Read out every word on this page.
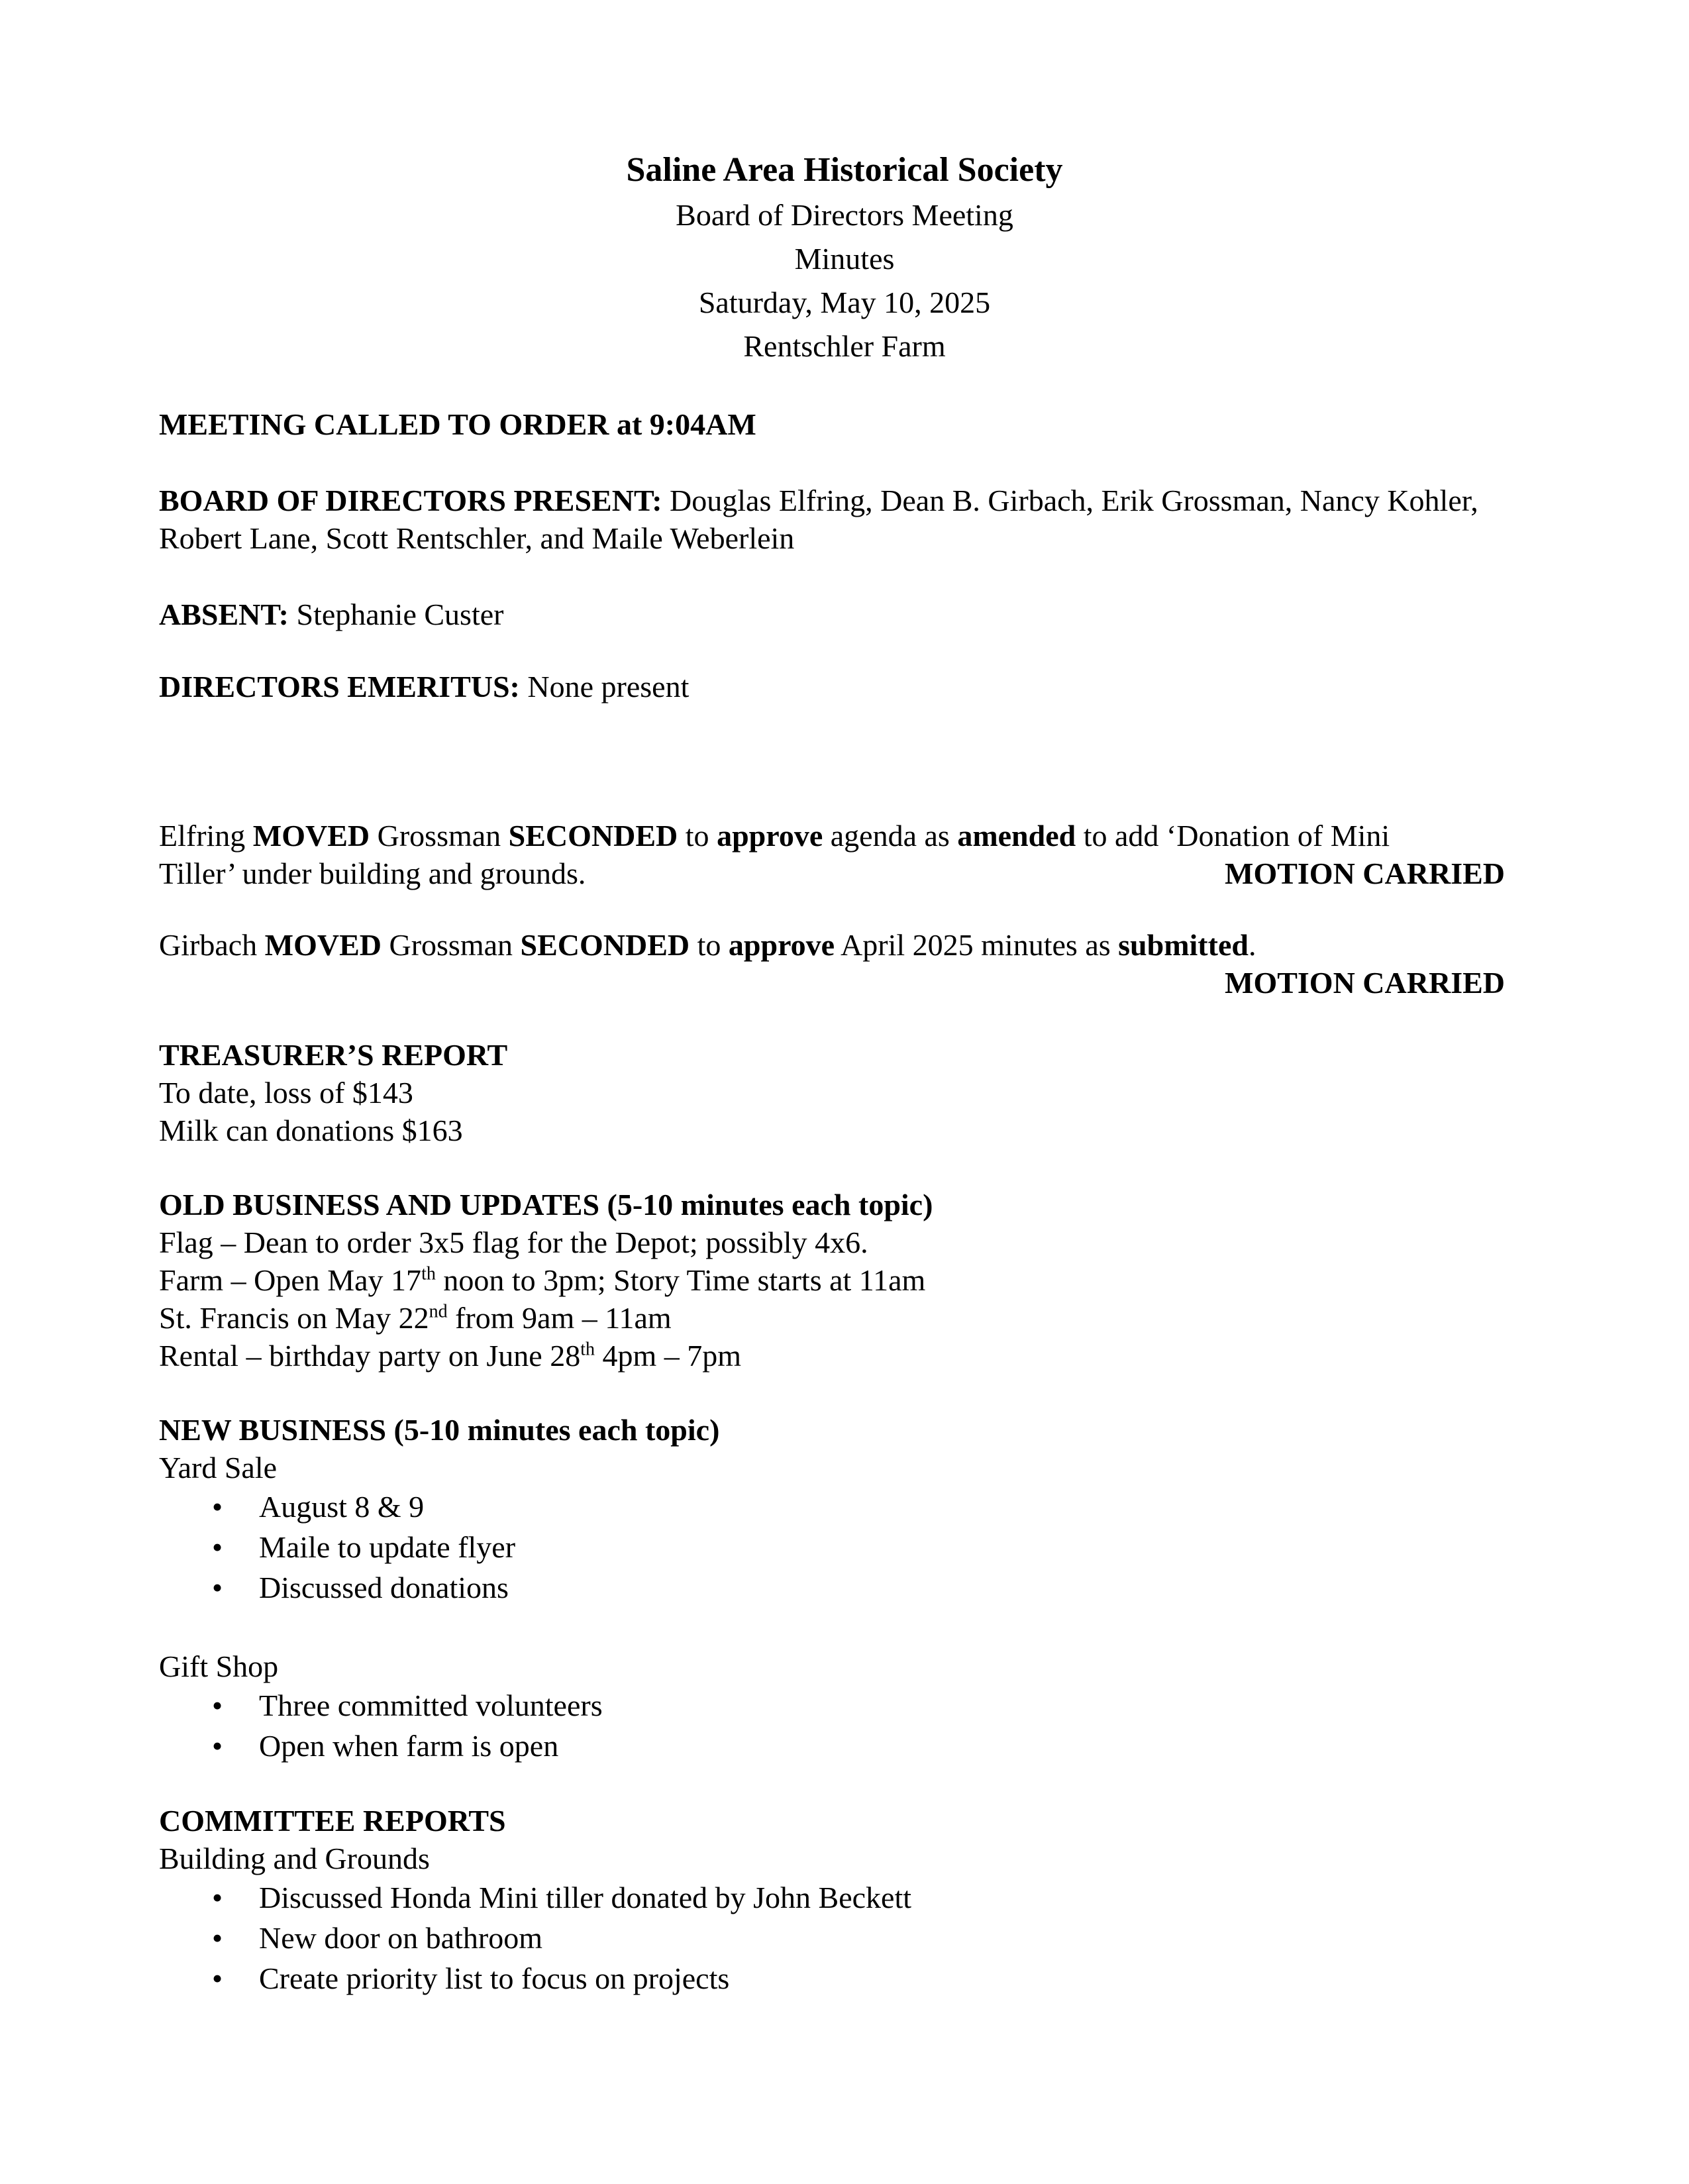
Saline Area Historical Society

Board of Directors Meeting

Minutes

Saturday, May 10, 2025

Rentschler Farm

MEETING CALLED TO ORDER at 9:04AM

BOARD OF DIRECTORS PRESENT: Douglas Elfring, Dean B. Girbach, Erik Grossman, Nancy Kohler, Robert Lane, Scott Rentschler, and Maile Weberlein

ABSENT: Stephanie Custer

DIRECTORS EMERITUS: None present

Elfring MOVED Grossman SECONDED to approve agenda as amended to add ‘Donation of Mini

Tiller’ under building and grounds.	MOTION CARRIED

Girbach MOVED Grossman SECONDED to approve April 2025 minutes as submitted.

MOTION CARRIED

TREASURER’S REPORT

To date, loss of $143

Milk can donations $163

OLD BUSINESS AND UPDATES (5-10 minutes each topic)

Flag – Dean to order 3x5 flag for the Depot; possibly 4x6.

Farm – Open May 17th noon to 3pm; Story Time starts at 11am

St. Francis on May 22nd from 9am – 11am

Rental – birthday party on June 28th 4pm – 7pm

NEW BUSINESS (5-10 minutes each topic)

Yard Sale

• August 8 & 9
• Maile to update flyer
• Discussed donations

Gift Shop

• Three committed volunteers
• Open when farm is open

COMMITTEE REPORTS

Building and Grounds

• Discussed Honda Mini tiller donated by John Beckett
• New door on bathroom
• Create priority list to focus on projects
